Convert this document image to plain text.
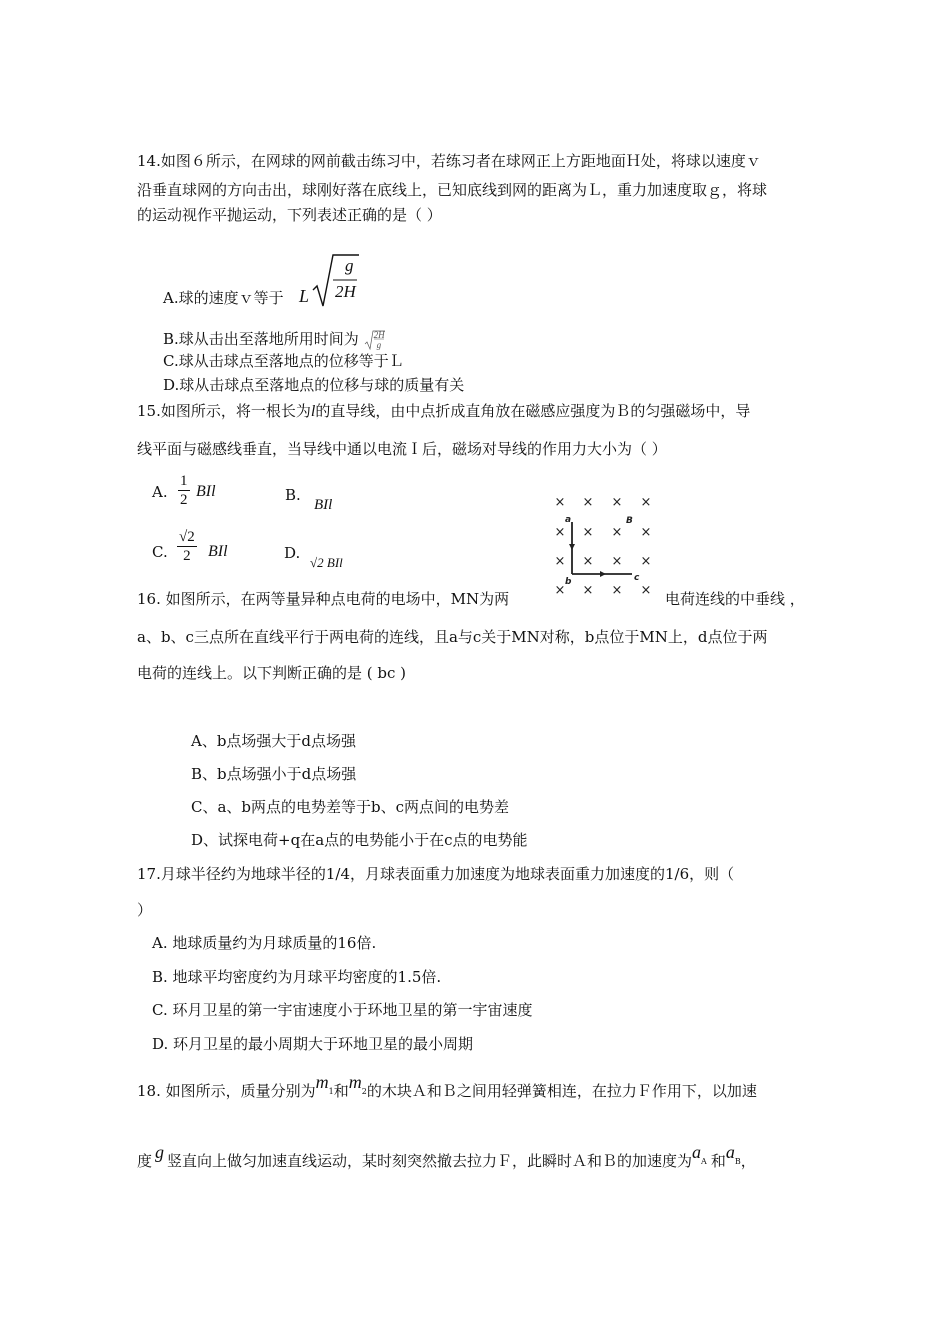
14.如图６所示，在网球的网前截击练习中，若练习者在球网正上方距地面Ｈ处，将球以速度ｖ
沿垂直球网的方向击出，球刚好落在底线上，已知底线到网的距离为Ｌ，重力加速度取ｇ，将球
的运动视作平抛运动，下列表述正确的是（ ）
A.球的速度ｖ等于 L
g
2H
B.球从击出至落地所用时间为 2H
g
C.球从击球点至落地点的位移等于Ｌ
D.球从击球点至落地点的位移与球的质量有关
15.如图所示，将一根长为l的直导线，由中点折成直角放在磁感应强度为Ｂ的匀强磁场中，导
线平面与磁感线垂直，当导线中通以电流Ｉ后，磁场对导线的作用力大小为（ ）
A. $\frac{1}{2}$ BIl	B.
BIl
C. $\frac{√2}{2}$ BIl	D.
√2 BIl
× × × ×
× × × ×
× × × ×
× × × ×
a
b	c
B
16. 如图所示，在两等量异种点电荷的电场中，MN为两	电荷连线的中垂线 ，
a、b、c三点所在直线平行于两电荷的连线，且a与c关于MN对称，b点位于MN上，d点位于两
电荷的连线上。以下判断正确的是 ( bc )
A、b点场强大于d点场强
B、b点场强小于d点场强
C、a、b两点的电势差等于b、c两点间的电势差
D、试探电荷+q在a点的电势能小于在c点的电势能
17.月球半径约为地球半径的1/4，月球表面重力加速度为地球表面重力加速度的1/6，则（
）
A. 地球质量约为月球质量的16倍.
B. 地球平均密度约为月球平均密度的1.5倍.
C. 环月卫星的第一宇宙速度小于环地卫星的第一宇宙速度
D. 环月卫星的最小周期大于环地卫星的最小周期
18. 如图所示，质量分别为m1和m2的木块Ａ和Ｂ之间用轻弹簧相连，在拉力Ｆ作用下，以加速
度 g 竖直向上做匀加速直线运动，某时刻突然撤去拉力Ｆ，此瞬时Ａ和Ｂ的加速度为aA 和aB，
